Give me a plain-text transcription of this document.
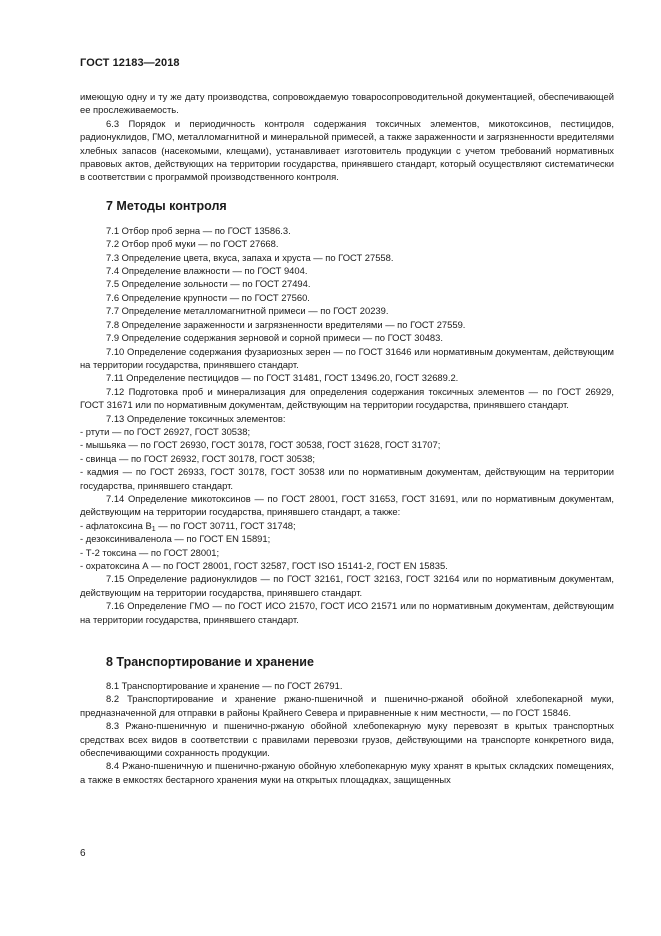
ГОСТ 12183—2018

имеющую одну и ту же дату производства, сопровождаемую товаросопроводительной документацией, обеспечивающей ее прослеживаемость.

6.3 Порядок и периодичность контроля содержания токсичных элементов, микотоксинов, пестицидов, радионуклидов, ГМО, металломагнитной и минеральной примесей, а также зараженности и загрязненности вредителями хлебных запасов (насекомыми, клещами), устанавливает изготовитель продукции с учетом требований нормативных правовых актов, действующих на территории государства, принявшего стандарт, который осуществляют систематически в соответствии с программой производственного контроля.

7 Методы контроля

7.1 Отбор проб зерна — по ГОСТ 13586.3.

7.2 Отбор проб муки — по ГОСТ 27668.

7.3 Определение цвета, вкуса, запаха и хруста — по ГОСТ 27558.

7.4 Определение влажности — по ГОСТ 9404.

7.5 Определение зольности — по ГОСТ 27494.

7.6 Определение крупности — по ГОСТ 27560.

7.7 Определение металломагнитной примеси — по ГОСТ 20239.

7.8 Определение зараженности и загрязненности вредителями — по ГОСТ 27559.

7.9 Определение содержания зерновой и сорной примеси — по ГОСТ 30483.

7.10 Определение содержания фузариозных зерен — по ГОСТ 31646 или нормативным документам, действующим на территории государства, принявшего стандарт.

7.11 Определение пестицидов — по ГОСТ 31481, ГОСТ 13496.20, ГОСТ 32689.2.

7.12 Подготовка проб и минерализация для определения содержания токсичных элементов — по ГОСТ 26929, ГОСТ 31671 или по нормативным документам, действующим на территории государства, принявшего стандарт.

7.13 Определение токсичных элементов:

- ртути — по ГОСТ 26927, ГОСТ 30538;

- мышьяка — по ГОСТ 26930, ГОСТ 30178, ГОСТ 30538, ГОСТ 31628, ГОСТ 31707;

- свинца — по ГОСТ 26932, ГОСТ 30178, ГОСТ 30538;

- кадмия — по ГОСТ 26933, ГОСТ 30178, ГОСТ 30538 или по нормативным документам, действующим на территории государства, принявшего стандарт.

7.14 Определение микотоксинов — по ГОСТ 28001, ГОСТ 31653, ГОСТ 31691, или по нормативным документам, действующим на территории государства, принявшего стандарт, а также:

- афлатоксина $B_1$ — по ГОСТ 30711, ГОСТ 31748;

- дезоксиниваленола — по ГОСТ EN 15891;

- Т-2 токсина — по ГОСТ 28001;

- охратоксина А — по ГОСТ 28001, ГОСТ 32587, ГОСТ ISO 15141-2, ГОСТ EN 15835.

7.15 Определение радионуклидов — по ГОСТ 32161, ГОСТ 32163, ГОСТ 32164 или по нормативным документам, действующим на территории государства, принявшего стандарт.

7.16 Определение ГМО — по ГОСТ ИСО 21570, ГОСТ ИСО 21571 или по нормативным документам, действующим на территории государства, принявшего стандарт.

8 Транспортирование и хранение

8.1 Транспортирование и хранение — по ГОСТ 26791.

8.2 Транспортирование и хранение ржано-пшеничной и пшенично-ржаной обойной хлебопекарной муки, предназначенной для отправки в районы Крайнего Севера и приравненные к ним местности, — по ГОСТ 15846.

8.3 Ржано-пшеничную и пшенично-ржаную обойной хлебопекарную муку перевозят в крытых транспортных средствах всех видов в соответствии с правилами перевозки грузов, действующими на транспорте конкретного вида, обеспечивающими сохранность продукции.

8.4 Ржано-пшеничную и пшенично-ржаную обойную хлебопекарную муку хранят в крытых складских помещениях, а также в емкостях бестарного хранения муки на открытых площадках, защищенных

6
